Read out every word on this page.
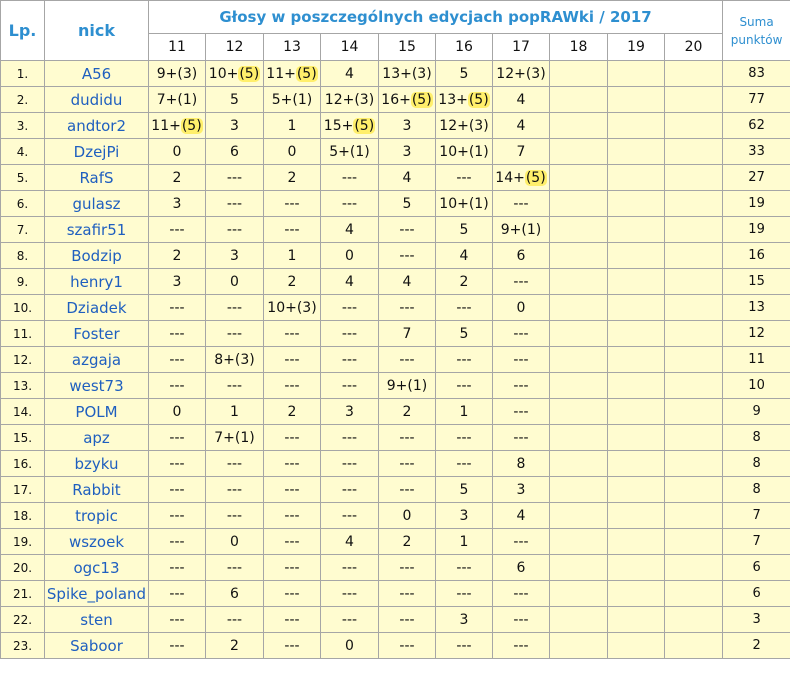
Lp.	nick	Głosy w poszczególnych edycjach popRAWki / 2017										Suma
punktów
		11	12	13	14	15	16	17	18	19	20	
1.	A56	9+(3)	10+(5)	11+(5)	4	13+(3)	5	12+(3)				83
2.	dudidu	7+(1)	5	5+(1)	12+(3)	16+(5)	13+(5)	4				77
3.	andtor2	11+(5)	3	1	15+(5)	3	12+(3)	4				62
4.	DzejPi	0	6	0	5+(1)	3	10+(1)	7				33
5.	RafS	2	---	2	---	4	---	14+(5)				27
6.	gulasz	3	---	---	---	5	10+(1)	---				19
7.	szafir51	---	---	---	4	---	5	9+(1)				19
8.	Bodzip	2	3	1	0	---	4	6				16
9.	henry1	3	0	2	4	4	2	---				15
10.	Dziadek	---	---	10+(3)	---	---	---	0				13
11.	Foster	---	---	---	---	7	5	---				12
12.	azgaja	---	8+(3)	---	---	---	---	---				11
13.	west73	---	---	---	---	9+(1)	---	---				10
14.	POLM	0	1	2	3	2	1	---				9
15.	apz	---	7+(1)	---	---	---	---	---				8
16.	bzyku	---	---	---	---	---	---	8				8
17.	Rabbit	---	---	---	---	---	5	3				8
18.	tropic	---	---	---	---	0	3	4				7
19.	wszoek	---	0	---	4	2	1	---				7
20.	ogc13	---	---	---	---	---	---	6				6
21.	Spike_poland	---	6	---	---	---	---	---				6
22.	sten	---	---	---	---	---	3	---				3
23.	Saboor	---	2	---	0	---	---	---				2
